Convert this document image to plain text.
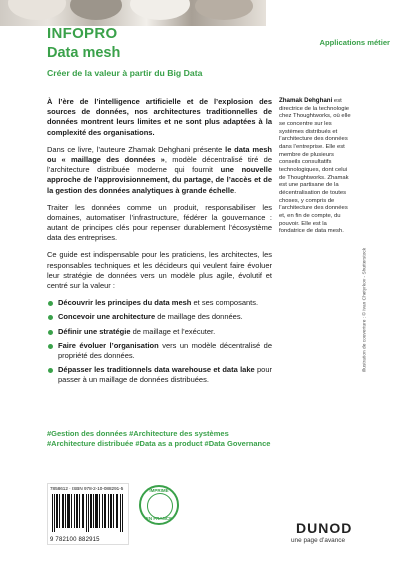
Applications métier
INFOPRO
Data mesh
Créer de la valeur à partir du Big Data

À l’ère de l’intelligence artificielle et de l’explosion des sources de données, nos architectures traditionnelles de données montrent leurs limites et ne sont plus adaptées à la complexité des organisations.

Dans ce livre, l’auteure Zhamak Dehghani présente le data mesh ou « maillage des données », modèle décentralisé tiré de l’architecture distribuée moderne qui fournit une nouvelle approche de l’approvisionnement, du partage, de l’accès et de la gestion des données analytiques à grande échelle.

Traiter les données comme un produit, responsabiliser les domaines, automatiser l’infrastructure, fédérer la gouvernance : autant de principes clés pour repenser durablement l’écosystème data des entreprises.

Ce guide est indispensable pour les praticiens, les architectes, les responsables techniques et les décideurs qui veulent faire évoluer leur stratégie de données vers un modèle plus agile, évolutif et centré sur la valeur :

Découvrir les principes du data mesh et ses composants.
Concevoir une architecture de maillage des données.
Définir une stratégie de maillage et l’exécuter.
Faire évoluer l’organisation vers un modèle décentralisé de propriété des données.
Dépasser les traditionnels data warehouse et data lake pour passer à un maillage de données distribuées.
#Gestion des données #Architecture des systèmes #Architecture distribuée #Data as a product #Data Governance
Zhamak Dehghani est directrice de la technologie chez Thoughtworks, où elle se concentre sur les systèmes distribués et l’architecture des données dans l’entreprise. Elle est membre de plusieurs conseils consultatifs technologiques, dont celui de Thoughtworks. Zhamak est une partisane de la décentralisation de toutes choses, y compris de l’architecture des données et, en fin de compte, du pouvoir. Elle est la fondatrice de data mesh.
Illustration de couverture : © Ivan Chetyrkov - Shutterstock
7858612 · ISBN 978-2-10-088291-5
9 782100 882915
IMPRIMÉ
EN FRANCE
DUNOD
une page d’avance
